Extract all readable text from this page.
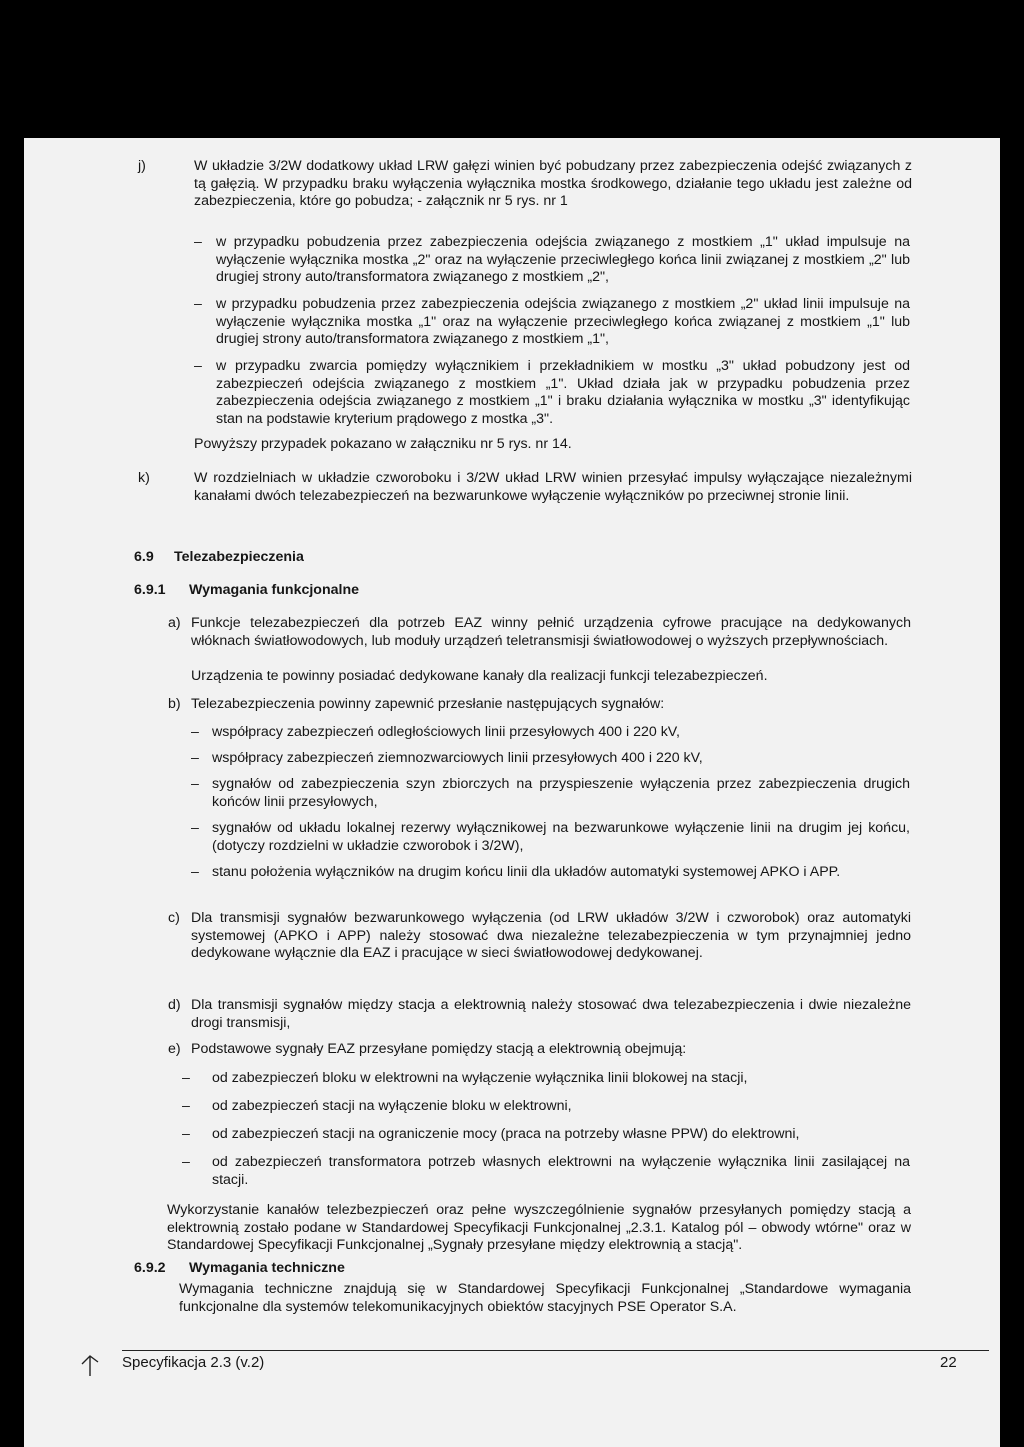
j)	W układzie 3/2W dodatkowy układ LRW gałęzi winien być pobudzany przez zabezpieczenia odejść związanych z tą gałęzią. W przypadku braku wyłączenia wyłącznika mostka środkowego, działanie tego układu jest zależne od zabezpieczenia, które go pobudza; - załącznik nr 5 rys. nr 1
– w przypadku pobudzenia przez zabezpieczenia odejścia związanego z mostkiem „1" układ impulsuje na wyłączenie wyłącznika mostka „2" oraz na wyłączenie przeciwległego końca linii związanej z mostkiem „2" lub drugiej strony auto/transformatora związanego z mostkiem „2",
– w przypadku pobudzenia przez zabezpieczenia odejścia związanego z mostkiem „2" układ linii impulsuje na wyłączenie wyłącznika mostka „1" oraz na wyłączenie przeciwległego końca związanej z mostkiem „1" lub drugiej strony auto/transformatora związanego z mostkiem „1",
– w przypadku zwarcia pomiędzy wyłącznikiem i przekładnikiem w mostku „3" układ pobudzony jest od zabezpieczeń odejścia związanego z mostkiem „1". Układ działa jak w przypadku pobudzenia przez zabezpieczenia odejścia związanego z mostkiem „1" i braku działania wyłącznika w mostku „3" identyfikując stan na podstawie kryterium prądowego z mostka „3".
Powyższy przypadek pokazano w załączniku nr 5 rys. nr 14.
k)	W rozdzielniach w układzie czworoboku i 3/2W układ LRW winien przesyłać impulsy wyłączające niezależnymi kanałami dwóch telezabezpieczeń na bezwarunkowe wyłączenie wyłączników po przeciwnej stronie linii.
6.9 Telezabezpieczenia
6.9.1 Wymagania funkcjonalne
a) Funkcje telezabezpieczeń dla potrzeb EAZ winny pełnić urządzenia cyfrowe pracujące na dedykowanych włóknach światłowodowych, lub moduły urządzeń teletransmisji światłowodowej o wyższych przepływnościach.
Urządzenia te powinny posiadać dedykowane kanały dla realizacji funkcji telezabezpieczeń.
b) Telezabezpieczenia powinny zapewnić przesłanie następujących sygnałów:
– współpracy zabezpieczeń odległościowych linii przesyłowych 400 i 220 kV,
– współpracy zabezpieczeń ziemnozwarciowych linii przesyłowych 400 i 220 kV,
– sygnałów od zabezpieczenia szyn zbiorczych na przyspieszenie wyłączenia przez zabezpieczenia drugich końców linii przesyłowych,
– sygnałów od układu lokalnej rezerwy wyłącznikowej na bezwarunkowe wyłączenie linii na drugim jej końcu, (dotyczy rozdzielni w układzie czworobok i 3/2W),
– stanu położenia wyłączników na drugim końcu linii dla układów automatyki systemowej APKO i APP.
c) Dla transmisji sygnałów bezwarunkowego wyłączenia (od LRW układów 3/2W i czworobok) oraz automatyki systemowej (APKO i APP) należy stosować dwa niezależne telezabezpieczenia w tym przynajmniej jedno dedykowane wyłącznie dla EAZ i pracujące w sieci światłowodowej dedykowanej.
d) Dla transmisji sygnałów między stacja a elektrownią należy stosować dwa telezabezpieczenia i dwie niezależne drogi transmisji,
e) Podstawowe sygnały EAZ przesyłane pomiędzy stacją a elektrownią obejmują:
– od zabezpieczeń bloku w elektrowni na wyłączenie wyłącznika linii blokowej na stacji,
– od zabezpieczeń stacji na wyłączenie bloku w elektrowni,
– od zabezpieczeń stacji na ograniczenie mocy (praca na potrzeby własne PPW) do elektrowni,
– od zabezpieczeń transformatora potrzeb własnych elektrowni na wyłączenie wyłącznika linii zasilającej na stacji.
Wykorzystanie kanałów telezbezpieczeń oraz pełne wyszczególnienie sygnałów przesyłanych pomiędzy stacją a elektrownią zostało podane w Standardowej Specyfikacji Funkcjonalnej „2.3.1. Katalog pól – obwody wtórne" oraz w Standardowej Specyfikacji Funkcjonalnej „Sygnały przesyłane między elektrownią a stacją".
6.9.2 Wymagania techniczne
Wymagania techniczne znajdują się w Standardowej Specyfikacji Funkcjonalnej „Standardowe wymagania funkcjonalne dla systemów telekomunikacyjnych obiektów stacyjnych PSE Operator S.A.
Specyfikacja 2.3 (v.2)	22
